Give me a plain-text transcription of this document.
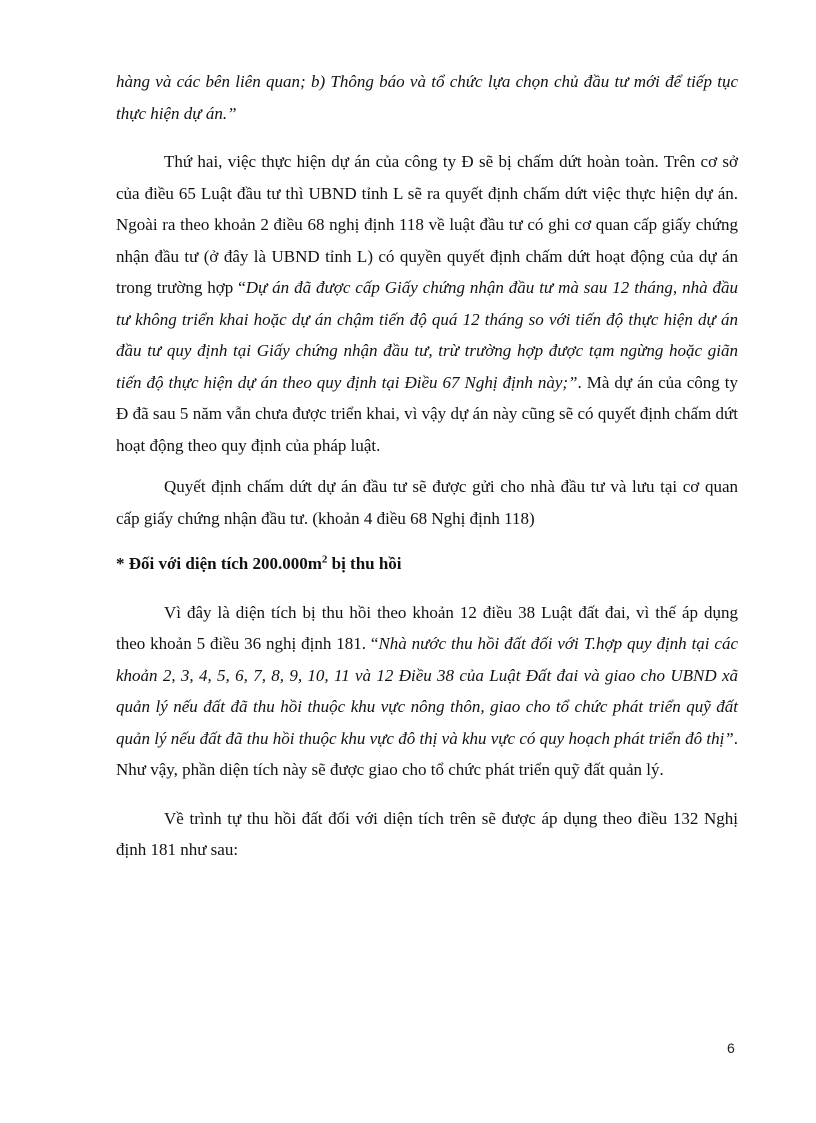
hàng và các bên liên quan; b) Thông báo và tổ chức lựa chọn chủ đầu tư mới để tiếp tục thực hiện dự án.”

Thứ hai, việc thực hiện dự án của công ty Đ sẽ bị chấm dứt hoàn toàn. Trên cơ sở của điều 65 Luật đầu tư thì UBND tỉnh L sẽ ra quyết định chấm dứt việc thực hiện dự án. Ngoài ra theo khoản 2 điều 68 nghị định 118 về luật đầu tư có ghi cơ quan cấp giấy chứng nhận đầu tư (ở đây là UBND tỉnh L) có quyền quyết định chấm dứt hoạt động của dự án trong trường hợp “Dự án đã được cấp Giấy chứng nhận đầu tư mà sau 12 tháng, nhà đầu tư không triển khai hoặc dự án chậm tiến độ quá 12 tháng so với tiến độ thực hiện dự án đầu tư quy định tại Giấy chứng nhận đầu tư, trừ trường hợp được tạm ngừng hoặc giãn tiến độ thực hiện dự án theo quy định tại Điều 67 Nghị định này;”. Mà dự án của công ty Đ đã sau 5 năm vẫn chưa được triển khai, vì vậy dự án này cũng sẽ có quyết định chấm dứt hoạt động theo quy định của pháp luật.

Quyết định chấm dứt dự án đầu tư sẽ được gửi cho nhà đầu tư và lưu tại cơ quan cấp giấy chứng nhận đầu tư. (khoản 4 điều 68 Nghị định 118)

* Đối với diện tích $200.000m^2$ bị thu hồi

Vì đây là diện tích bị thu hồi theo khoản 12 điều 38 Luật đất đai, vì thế áp dụng theo khoản 5 điều 36 nghị định 181. “Nhà nước thu hồi đất đối với T.hợp quy định tại các khoản 2, 3, 4, 5, 6, 7, 8, 9, 10, 11 và 12 Điều 38 của Luật Đất đai và giao cho UBND xã quản lý nếu đất đã thu hồi thuộc khu vực nông thôn, giao cho tổ chức phát triển quỹ đất quản lý nếu đất đã thu hồi thuộc khu vực đô thị và khu vực có quy hoạch phát triển đô thị”. Như vậy, phần diện tích này sẽ được giao cho tổ chức phát triển quỹ đất quản lý.

Về trình tự thu hồi đất đối với diện tích trên sẽ được áp dụng theo điều 132 Nghị định 181 như sau:

6
